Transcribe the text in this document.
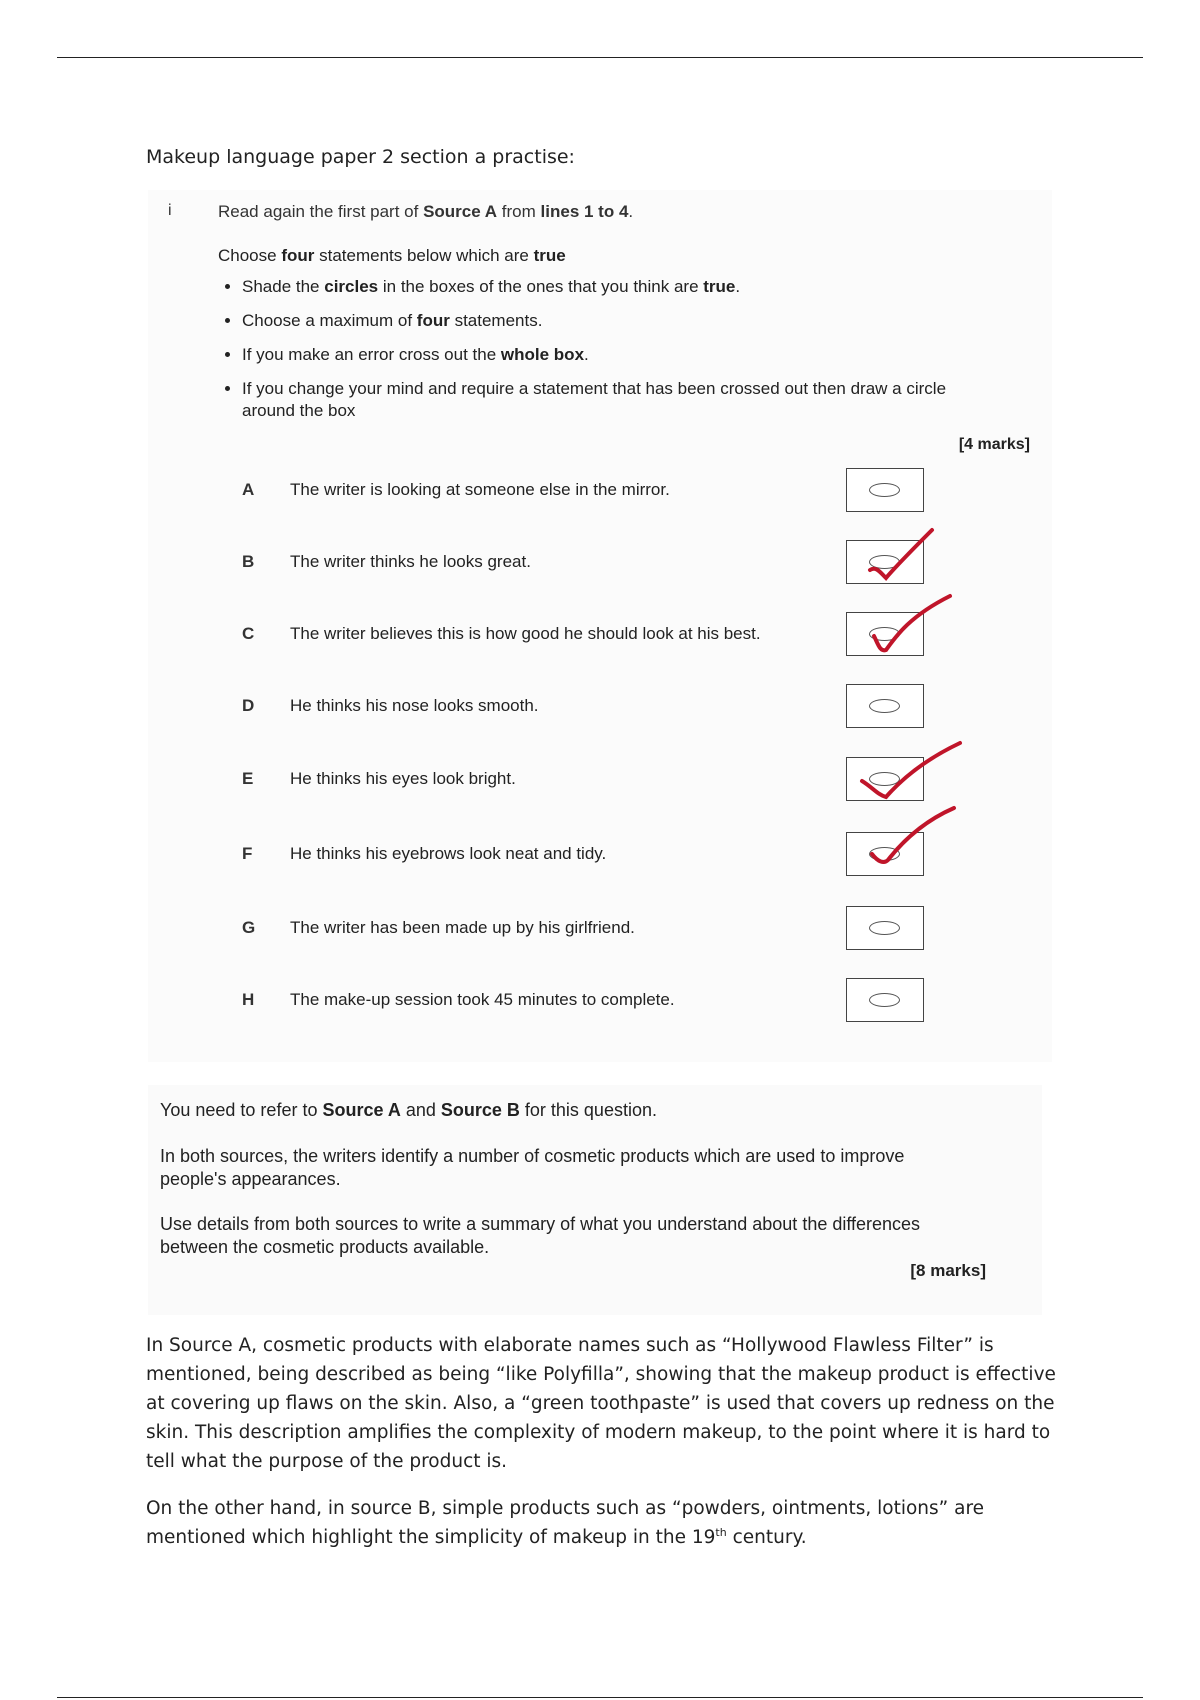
Makeup language paper 2 section a practise:
i	Read again the first part of Source A from lines 1 to 4.
Choose four statements below which are true
• Shade the circles in the boxes of the ones that you think are true.
• Choose a maximum of four statements.
• If you make an error cross out the whole box.
• If you change your mind and require a statement that has been crossed out then draw a circle around the box
[4 marks]
A The writer is looking at someone else in the mirror.
B The writer thinks he looks great.
C The writer believes this is how good he should look at his best.
D He thinks his nose looks smooth.
E He thinks his eyes look bright.
F He thinks his eyebrows look neat and tidy.
G The writer has been made up by his girlfriend.
H The make-up session took 45 minutes to complete.

You need to refer to Source A and Source B for this question.

In both sources, the writers identify a number of cosmetic products which are used to improve people's appearances.

Use details from both sources to write a summary of what you understand about the differences between the cosmetic products available.

[8 marks]

In Source A, cosmetic products with elaborate names such as “Hollywood Flawless Filter” is mentioned, being described as being “like Polyfilla”, showing that the makeup product is effective at covering up flaws on the skin. Also, a “green toothpaste” is used that covers up redness on the skin. This description amplifies the complexity of modern makeup, to the point where it is hard to tell what the purpose of the product is.

On the other hand, in source B, simple products such as “powders, ointments, lotions” are mentioned which highlight the simplicity of makeup in the 19th century.
